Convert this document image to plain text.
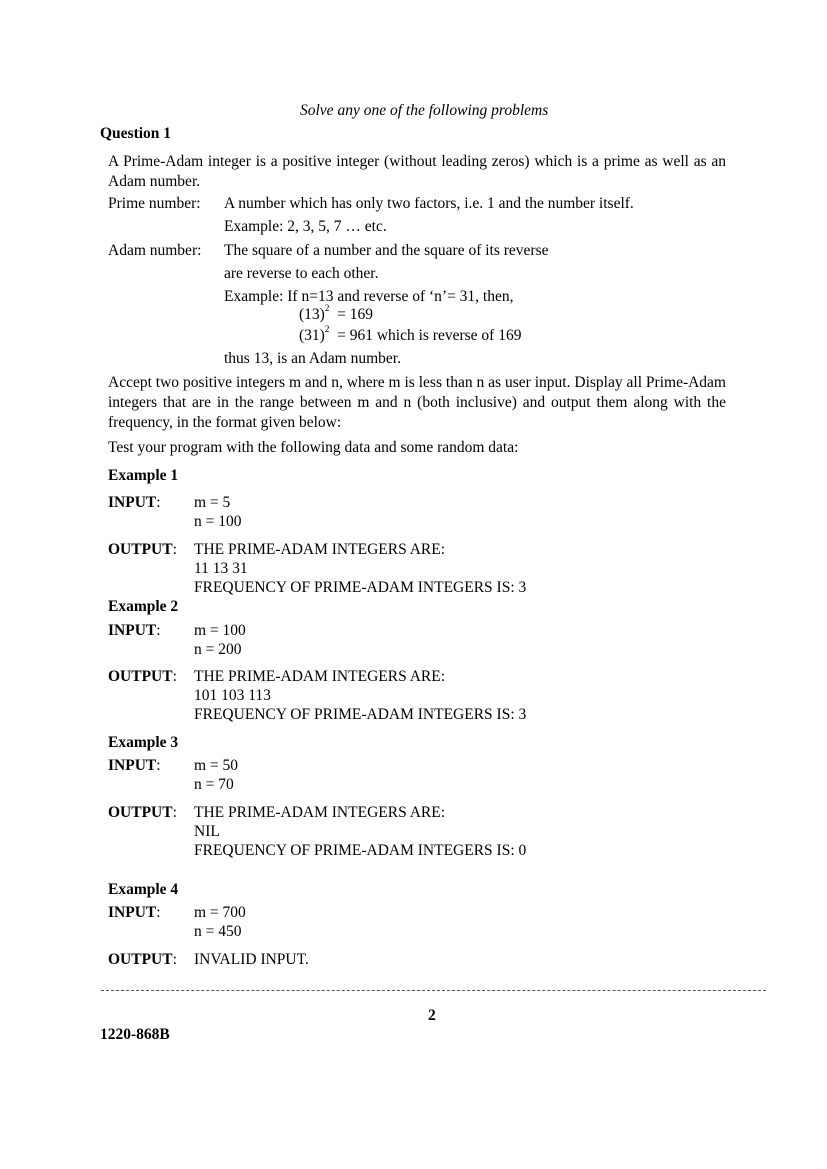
Solve any one of the following problems
Question 1
A Prime-Adam integer is a positive integer (without leading zeros) which is a prime as well as an Adam number.
Prime number: A number which has only two factors, i.e. 1 and the number itself.
Example: 2, 3, 5, 7 … etc.
Adam number: The square of a number and the square of its reverse
are reverse to each other.
Example: If n=13 and reverse of ‘n’= 31, then,
$(13)^2 = 169$
$(31)^2 = 961$ which is reverse of 169
thus 13, is an Adam number.
Accept two positive integers m and n, where m is less than n as user input. Display all Prime-Adam integers that are in the range between m and n (both inclusive) and output them along with the frequency, in the format given below:
Test your program with the following data and some random data:
Example 1
INPUT: m = 5
n = 100
OUTPUT: THE PRIME-ADAM INTEGERS ARE:
11 13 31
FREQUENCY OF PRIME-ADAM INTEGERS IS: 3
Example 2
INPUT: m = 100
n = 200
OUTPUT: THE PRIME-ADAM INTEGERS ARE:
101 103 113
FREQUENCY OF PRIME-ADAM INTEGERS IS: 3
Example 3
INPUT: m = 50
n = 70
OUTPUT: THE PRIME-ADAM INTEGERS ARE:
NIL
FREQUENCY OF PRIME-ADAM INTEGERS IS: 0
Example 4
INPUT: m = 700
n = 450
OUTPUT: INVALID INPUT.
2
1220-868B
